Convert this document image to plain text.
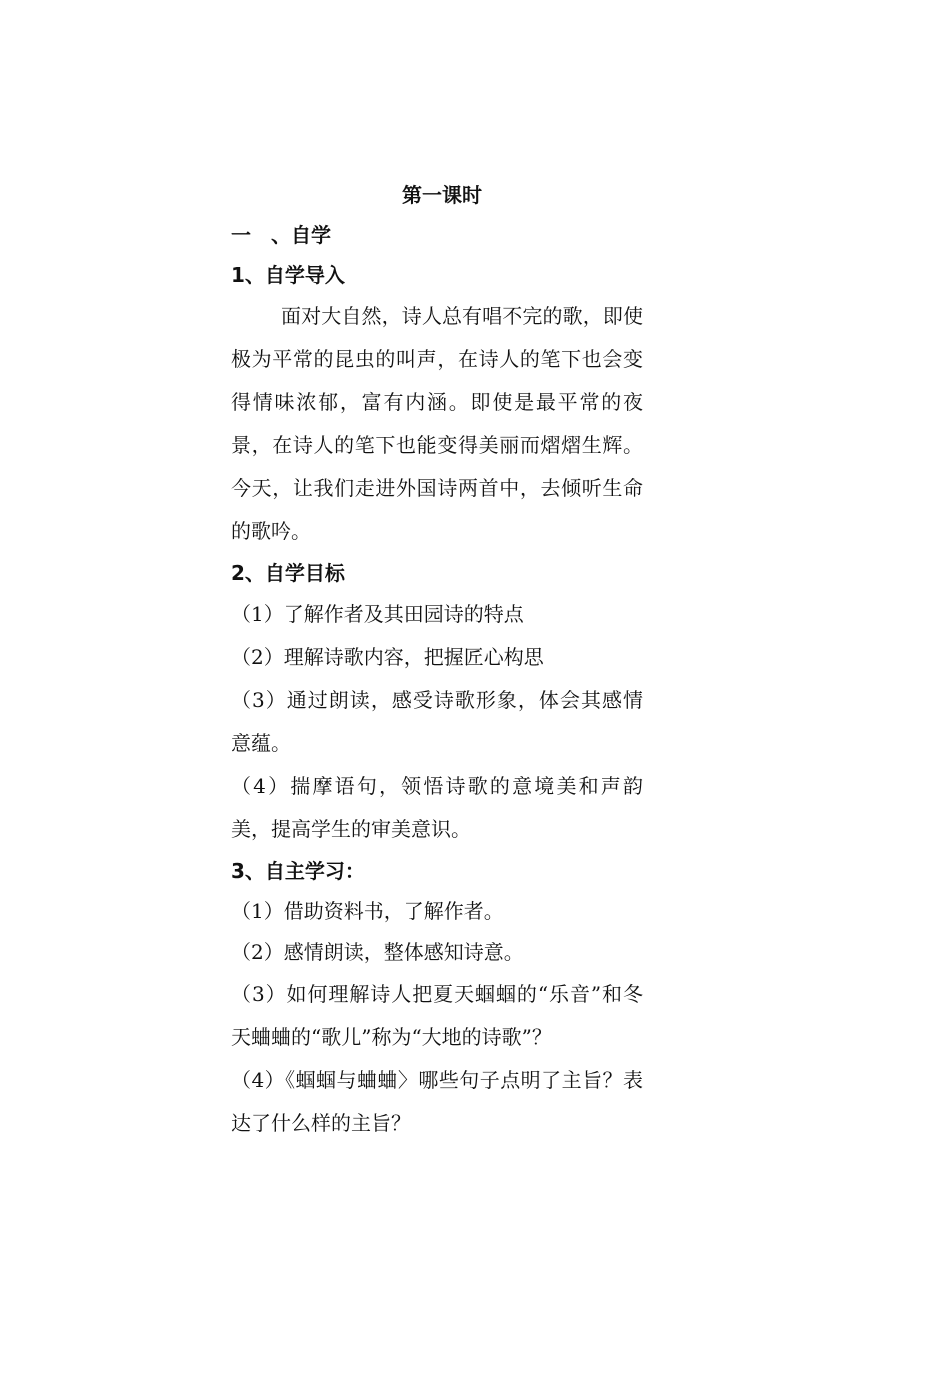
第一课时
一　、自学
1、自学导入
面对大自然，诗人总有唱不完的歌，即使极为平常的昆虫的叫声，在诗人的笔下也会变得情味浓郁，富有内涵。即使是最平常的夜景，在诗人的笔下也能变得美丽而熠熠生辉。今天，让我们走进外国诗两首中，去倾听生命的歌吟。
2、自学目标
（1）了解作者及其田园诗的特点
（2）理解诗歌内容，把握匠心构思
（3）通过朗读，感受诗歌形象，体会其感情意蕴。
（4）揣摩语句，领悟诗歌的意境美和声韵美，提高学生的审美意识。
3、自主学习：
（1）借助资料书，了解作者。
（2）感情朗读，整体感知诗意。
（3）如何理解诗人把夏天蝈蝈的“乐音”和冬天蛐蛐的“歌儿”称为“大地的诗歌”？
（4）《蝈蝈与蛐蛐〉哪些句子点明了主旨？表达了什么样的主旨？
